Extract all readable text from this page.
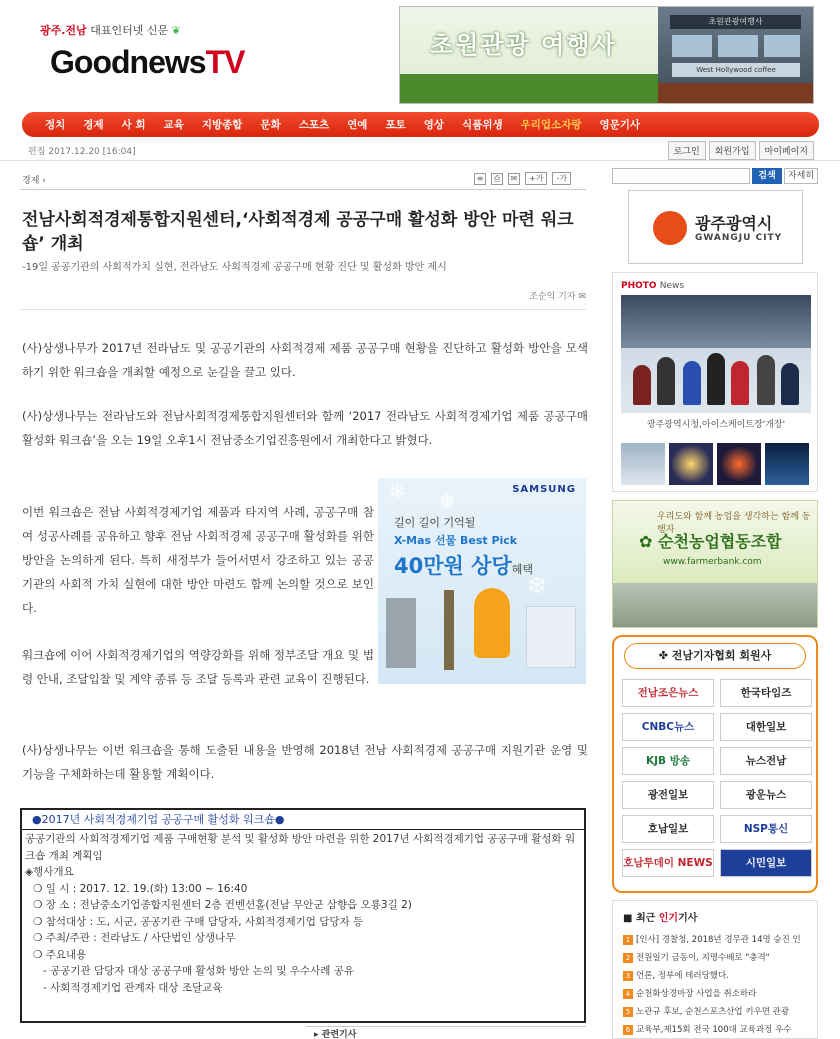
광주.전남 대표인터넷 신문 ❦
GoodnewsTV	초원관광 여행사
초원관광여행사
West Hollywood coffee
정치 경제 사 회 교육 지방종합 문화 스포츠 연예 포토 영상 식품위생 우리업소자랑 영문기사
편집 2017.12.20 [16:04]	로그인	회원가입	마이페이지
경제 ›	≡	⎙	✉	+가	-가
전남사회적경제통합지원센터,‘사회적경제 공공구매 활성화 방안 마련 워크숍’ 개최
-19일 공공기관의 사회적가치 실현, 전라남도 사회적경제 공공구매 현황 진단 및 활성화 방안 제시
조순익 기자 ✉
(사)상생나무가 2017년 전라남도 및 공공기관의 사회적경제 제품 공공구매 현황을 진단하고 활성화 방안을 모색하기 위한 워크숍을 개최할 예정으로 눈길을 끌고 있다.
(사)상생나무는 전라남도와 전남사회적경제통합지원센터와 함께 ‘2017 전라남도 사회적경제기업 제품 공공구매 활성화 워크숍’을 오는 19일 오후1시 전남중소기업진흥원에서 개최한다고 밝혔다.
이번 워크숍은 전남 사회적경제기업 제품과 타지역 사례, 공공구매 참여 성공사례를 공유하고 향후 전남 사회적경제 공공구매 활성화를 위한 방안을 논의하게 된다. 특히 새정부가 들어서면서 강조하고 있는 공공기관의 사회적 가치 실현에 대한 방안 마련도 함께 논의할 것으로 보인다.
워크숍에 이어 사회적경제기업의 역량강화를 위해 정부조달 개요 및 법령 안내, 조달입찰 및 계약 종류 등 조달 등록과 관련 교육이 진행된다.
(사)상생나무는 이번 워크숍을 통해 도출된 내용을 반영해 2018년 전남 사회적경제 공공구매 지원기관 운영 및 기능을 구체화하는데 활용할 계획이다.
❄ ❅
❆
SAMSUNG
길이 길이 기억될
X-Mas 선물 Best Pick
40만원 상당혜택
●2017년 사회적경제기업 공공구매 활성화 워크숍●
공공기관의 사회적경제기업 제품 구매현황 분석 및 활성화 방안 마련을 위한 2017년 사회적경제기업 공공구매 활성화 워크숍 개최 계획임
◈행사개요
❍ 일 시 : 2017. 12. 19.(화) 13:00 ~ 16:40
❍ 장 소 : 전남중소기업종합지원센터 2층 컨벤션홀(전남 무안군 삼향읍 오룡3길 2)
❍ 참석대상 : 도, 시군, 공공기관 구매 담당자, 사회적경제기업 담당자 등
❍ 주최/주관 : 전라남도 / 사단법인 상생나무
❍ 주요내용
- 공공기관 담당자 대상 공공구매 활성화 방안 논의 및 우수사례 공유
- 사회적경제기업 관계자 대상 조달교육
▸ 관련기사
검색	자세히
광주광역시
GWANGJU CITY
PHOTO News
광주광역시청,아이스케이트장'개장'
우리도와 함께 농업을 생각하는 함께 동행자
✿ 순천농업협동조합
www.farmerbank.com
✤ 전남기자협회 회원사
전남조은뉴스	한국타임즈
CNBC뉴스	대한일보
KJB 방송	뉴스전남
광전일보	광운뉴스
호남일보	NSP통신
호남투데이 NEWS	시민일보
■ 최근 인기기사
1 [인사] 경찰청, 2018년 경무관 14명 승진 인
2 전원일기 금동이, 지명수배로 "충격"
3 언론, 정부에 테러당했다.
4 순천화상경마장 사업을 취소하라
5 노관규 후보, 순천스포츠산업 키우면 관광
6 교육부,제15회 전국 100대 교육과정 우수
